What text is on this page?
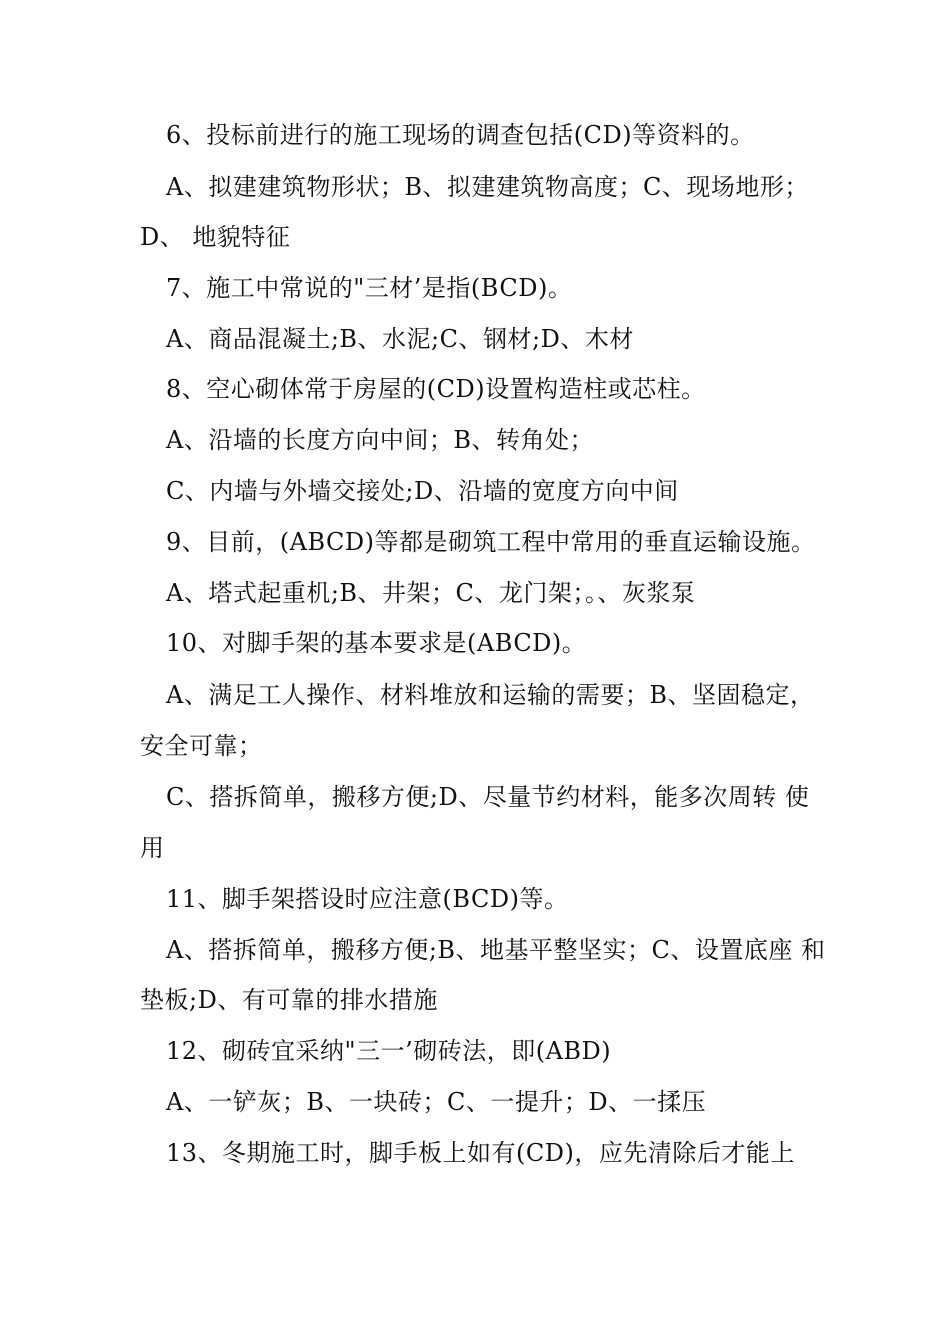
6、投标前进行的施工现场的调查包括(CD)等资料的。
A、拟建建筑物形状；B、拟建建筑物高度；C、现场地形；
D、 地貌特征
7、施工中常说的"三材’是指(BCD)。
A、商品混凝土;B、水泥;C、钢材;D、木材
8、空心砌体常于房屋的(CD)设置构造柱或芯柱。
A、沿墙的长度方向中间；B、转角处；
C、内墙与外墙交接处;D、沿墙的宽度方向中间
9、目前，(ABCD)等都是砌筑工程中常用的垂直运输设施。
A、塔式起重机;B、井架；C、龙门架；。、灰浆泵
10、对脚手架的基本要求是(ABCD)。
A、满足工人操作、材料堆放和运输的需要；B、坚固稳定，
安全可靠；
C、搭拆简单，搬移方便;D、尽量节约材料，能多次周转 使
用
11、脚手架搭设时应注意(BCD)等。
A、搭拆简单，搬移方便;B、地基平整坚实；C、设置底座 和
垫板;D、有可靠的排水措施
12、砌砖宜采纳"三一’砌砖法，即(ABD)
A、一铲灰；B、一块砖；C、一提升；D、一揉压
13、冬期施工时，脚手板上如有(CD)，应先清除后才能上
